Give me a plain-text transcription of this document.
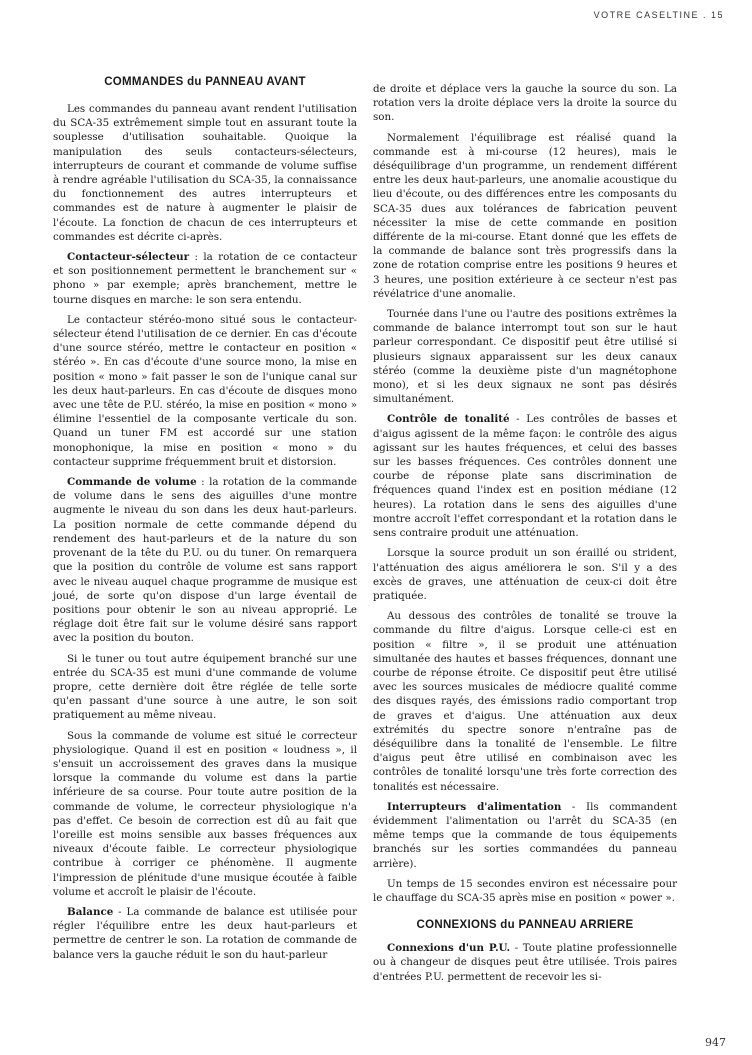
VOTRE CASELTINE . 15
COMMANDES du PANNEAU AVANT

Les commandes du panneau avant rendent l'utilisation du SCA-35 extrêmement simple tout en assurant toute la souplesse d'utilisation souhaitable. Quoique la manipulation des seuls contacteurs-sélecteurs, interrupteurs de courant et commande de volume suffise à rendre agréable l'utilisation du SCA-35, la connaissance du fonctionnement des autres interrupteurs et commandes est de nature à augmenter le plaisir de l'écoute. La fonction de chacun de ces interrupteurs et commandes est décrite ci-après.

Contacteur-sélecteur : la rotation de ce contacteur et son positionnement permettent le branchement sur « phono » par exemple; après branchement, mettre le tourne disques en marche: le son sera entendu.

Le contacteur stéréo-mono situé sous le contacteur-sélecteur étend l'utilisation de ce dernier. En cas d'écoute d'une source stéréo, mettre le contacteur en position « stéréo ». En cas d'écoute d'une source mono, la mise en position « mono » fait passer le son de l'unique canal sur les deux haut-parleurs. En cas d'écoute de disques mono avec une tête de P.U. stéréo, la mise en position « mono » élimine l'essentiel de la composante verticale du son. Quand un tuner FM est accordé sur une station monophonique, la mise en position « mono » du contacteur supprime fréquemment bruit et distorsion.

Commande de volume : la rotation de la commande de volume dans le sens des aiguilles d'une montre augmente le niveau du son dans les deux haut-parleurs. La position normale de cette commande dépend du rendement des haut-parleurs et de la nature du son provenant de la tête du P.U. ou du tuner. On remarquera que la position du contrôle de volume est sans rapport avec le niveau auquel chaque programme de musique est joué, de sorte qu'on dispose d'un large éventail de positions pour obtenir le son au niveau approprié. Le réglage doit être fait sur le volume désiré sans rapport avec la position du bouton.

Si le tuner ou tout autre équipement branché sur une entrée du SCA-35 est muni d'une commande de volume propre, cette dernière doit être réglée de telle sorte qu'en passant d'une source à une autre, le son soit pratiquement au même niveau.

Sous la commande de volume est situé le correcteur physiologique. Quand il est en position « loudness », il s'ensuit un accroissement des graves dans la musique lorsque la commande du volume est dans la partie inférieure de sa course. Pour toute autre position de la commande de volume, le correcteur physiologique n'a pas d'effet. Ce besoin de correction est dû au fait que l'oreille est moins sensible aux basses fréquences aux niveaux d'écoute faible. Le correcteur physiologique contribue à corriger ce phénomène. Il augmente l'impression de plénitude d'une musique écoutée à faible volume et accroît le plaisir de l'écoute.

Balance - La commande de balance est utilisée pour régler l'équilibre entre les deux haut-parleurs et permettre de centrer le son. La rotation de commande de balance vers la gauche réduit le son du haut-parleur

de droite et déplace vers la gauche la source du son. La rotation vers la droite déplace vers la droite la source du son.

Normalement l'équilibrage est réalisé quand la commande est à mi-course (12 heures), mais le déséquilibrage d'un programme, un rendement différent entre les deux haut-parleurs, une anomalie acoustique du lieu d'écoute, ou des différences entre les composants du SCA-35 dues aux tolérances de fabrication peuvent nécessiter la mise de cette commande en position différente de la mi-course. Etant donné que les effets de la commande de balance sont très progressifs dans la zone de rotation comprise entre les positions 9 heures et 3 heures, une position extérieure à ce secteur n'est pas révélatrice d'une anomalie.

Tournée dans l'une ou l'autre des positions extrêmes la commande de balance interrompt tout son sur le haut parleur correspondant. Ce dispositif peut être utilisé si plusieurs signaux apparaissent sur les deux canaux stéréo (comme la deuxième piste d'un magnétophone mono), et si les deux signaux ne sont pas désirés simultanément.

Contrôle de tonalité - Les contrôles de basses et d'aigus agissent de la même façon: le contrôle des aigus agissant sur les hautes fréquences, et celui des basses sur les basses fréquences. Ces contrôles donnent une courbe de réponse plate sans discrimination de fréquences quand l'index est en position médiane (12 heures). La rotation dans le sens des aiguilles d'une montre accroît l'effet correspondant et la rotation dans le sens contraire produit une atténuation.

Lorsque la source produit un son éraillé ou strident, l'atténuation des aigus améliorera le son. S'il y a des excès de graves, une atténuation de ceux-ci doit être pratiquée.

Au dessous des contrôles de tonalité se trouve la commande du filtre d'aigus. Lorsque celle-ci est en position « filtre », il se produit une atténuation simultanée des hautes et basses fréquences, donnant une courbe de réponse étroite. Ce dispositif peut être utilisé avec les sources musicales de médiocre qualité comme des disques rayés, des émissions radio comportant trop de graves et d'aigus. Une atténuation aux deux extrémités du spectre sonore n'entraîne pas de déséquilibre dans la tonalité de l'ensemble. Le filtre d'aigus peut être utilisé en combinaison avec les contrôles de tonalité lorsqu'une très forte correction des tonalités est nécessaire.

Interrupteurs d'alimentation - Ils commandent évidemment l'alimentation ou l'arrêt du SCA-35 (en même temps que la commande de tous équipements branchés sur les sorties commandées du panneau arrière).

Un temps de 15 secondes environ est nécessaire pour le chauffage du SCA-35 après mise en position « power ».

CONNEXIONS du PANNEAU ARRIERE

Connexions d'un P.U. - Toute platine professionnelle ou à changeur de disques peut être utilisée. Trois paires d'entrées P.U. permettent de recevoir les si-

947
